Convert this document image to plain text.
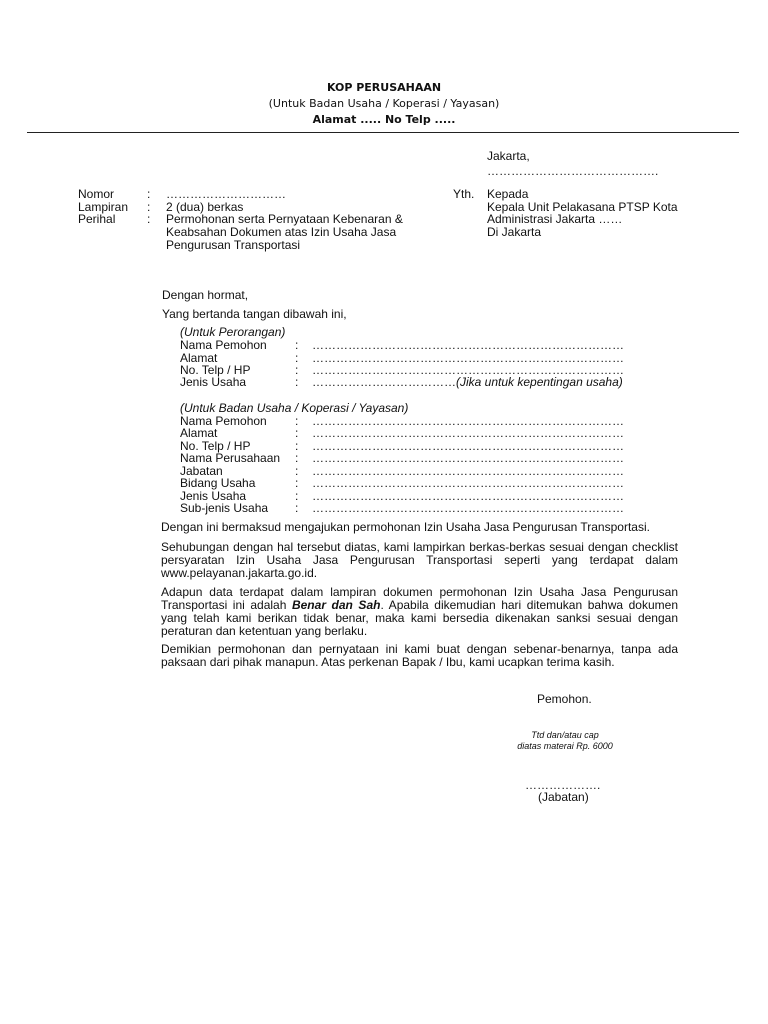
KOP PERUSAHAAN
(Untuk Badan Usaha / Koperasi / Yayasan)
Alamat ..... No Telp .....
Jakarta,
…………………………………….
Nomor	: …………………………
Lampiran : 2 (dua) berkas
Perihal	: Permohonan serta Pernyataan Kebenaran &
Keabsahan Dokumen atas Izin Usaha Jasa
Pengurusan Transportasi
Yth. Kepada
Kepala Unit Pelakasana PTSP Kota
Administrasi Jakarta ……
Di Jakarta
Dengan hormat,
Yang bertanda tangan dibawah ini,
(Untuk Perorangan)
Nama Pemohon : ……………………………………………………………………
Alamat	: ……………………………………………………………………
No. Telp / HP	: ……………………………………………………………………
Jenis Usaha	: ………………………………(Jika untuk kepentingan usaha)
(Untuk Badan Usaha / Koperasi / Yayasan)
Nama Pemohon : ……………………………………………………………………
Alamat	: ……………………………………………………………………
No. Telp / HP	: ……………………………………………………………………
Nama Perusahaan : ……………………………………………………………………
Jabatan	: ……………………………………………………………………
Bidang Usaha	: ……………………………………………………………………
Jenis Usaha	: ……………………………………………………………………
Sub-jenis Usaha : ……………………………………………………………………
Dengan ini bermaksud mengajukan permohonan Izin Usaha Jasa Pengurusan Transportasi.
Sehubungan dengan hal tersebut diatas, kami lampirkan berkas-berkas sesuai dengan checklist persyaratan Izin Usaha Jasa Pengurusan Transportasi seperti yang terdapat dalam www.pelayanan.jakarta.go.id.
Adapun data terdapat dalam lampiran dokumen permohonan Izin Usaha Jasa Pengurusan Transportasi ini adalah Benar dan Sah. Apabila dikemudian hari ditemukan bahwa dokumen yang telah kami berikan tidak benar, maka kami bersedia dikenakan sanksi sesuai dengan peraturan dan ketentuan yang berlaku.
Demikian permohonan dan pernyataan ini kami buat dengan sebenar-benarnya, tanpa ada paksaan dari pihak manapun. Atas perkenan Bapak / Ibu, kami ucapkan terima kasih.
Pemohon.
Ttd dan/atau cap
diatas materai Rp. 6000
……………….
(Jabatan)
